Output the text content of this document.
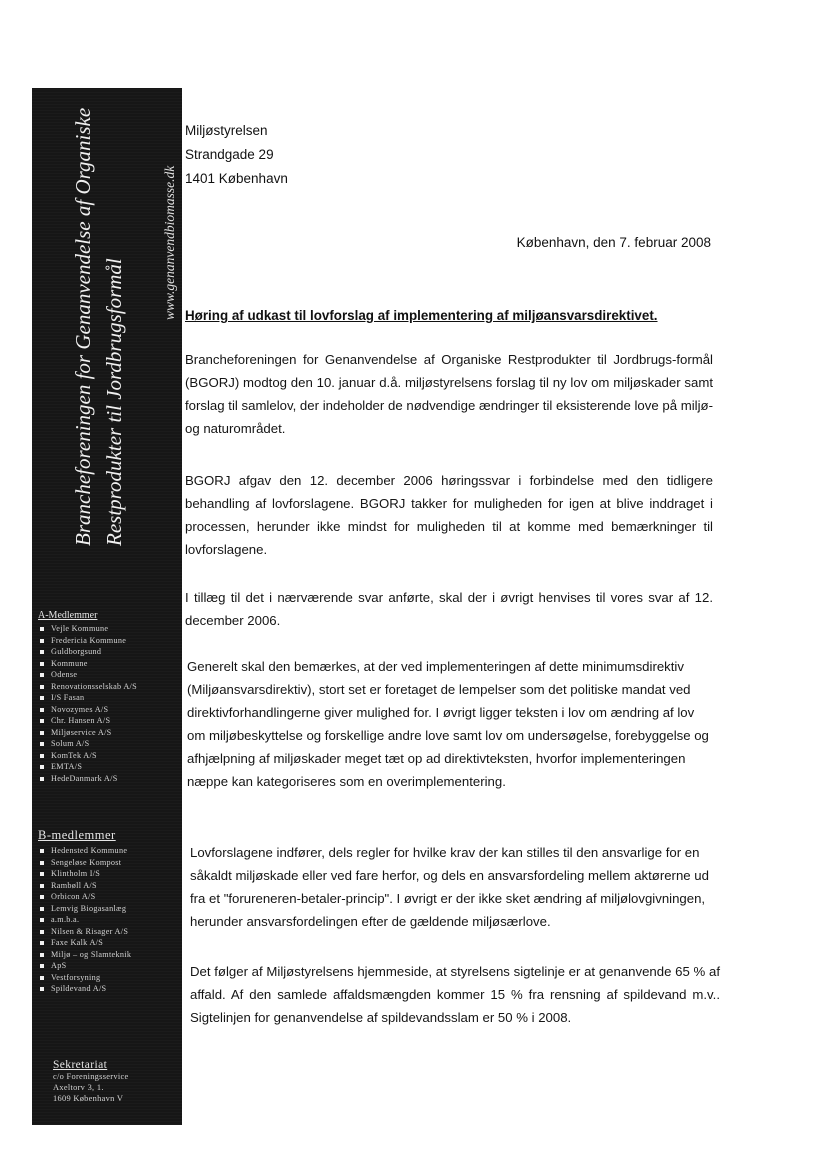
Brancheforeningen for Genanvendelse af Organiske Restprodukter til Jordbrugsformål
www.genanvendbiomasse.dk
A-Medlemmer
Vejle Kommune
Fredericia Kommune
Guldborgsund
Kommune
Odense
Renovationsselskab A/S
I/S Fasan
Novozymes A/S
Chr. Hansen A/S
Miljøservice A/S
Solum A/S
KomTek A/S
EMTA/S
HedeDanmark A/S
B-medlemmer
Hedensted Kommune
Sengeløse Kompost
Klintholm I/S
Rambøll A/S
Orbicon A/S
Lemvig Biogasanlæg
a.m.b.a.
Nilsen & Risager A/S
Faxe Kalk A/S
Miljø – og Slamteknik
ApS
Vestforsyning
Spildevand A/S
Sekretariat
c/o Foreningsservice
Axeltorv 3, 1.
1609 København V
Miljøstyrelsen
Strandgade 29
1401 København
København, den 7. februar 2008
Høring af udkast til lovforslag af implementering af miljøansvarsdirektivet.

Brancheforeningen for Genanvendelse af Organiske Restprodukter til Jordbrugs-formål (BGORJ) modtog den 10. januar d.å. miljøstyrelsens forslag til ny lov om miljøskader samt forslag til samlelov, der indeholder de nødvendige ændringer til eksisterende love på miljø- og naturområdet.

BGORJ afgav den 12. december 2006 høringssvar i forbindelse med den tidligere behandling af lovforslagene. BGORJ takker for muligheden for igen at blive inddraget i processen, herunder ikke mindst for muligheden til at komme med bemærkninger til lovforslagene.

I tillæg til det i nærværende svar anførte, skal der i øvrigt henvises til vores svar af 12. december 2006.

Generelt skal den bemærkes, at der ved implementeringen af dette minimumsdirektiv (Miljøansvarsdirektiv), stort set er foretaget de lempelser som det politiske mandat ved direktivforhandlingerne giver mulighed for. I øvrigt ligger teksten i lov om ændring af lov om miljøbeskyttelse og forskellige andre love samt lov om undersøgelse, forebyggelse og afhjælpning af miljøskader meget tæt op ad direktivteksten, hvorfor implementeringen næppe kan kategoriseres som en overimplementering.

Lovforslagene indfører, dels regler for hvilke krav der kan stilles til den ansvarlige for en såkaldt miljøskade eller ved fare herfor, og dels en ansvarsfordeling mellem aktørerne ud fra et "forureneren-betaler-princip". I øvrigt er der ikke sket ændring af miljølovgivningen, herunder ansvarsfordelingen efter de gældende miljøsærlove.

Det følger af Miljøstyrelsens hjemmeside, at styrelsens sigtelinje er at genanvende 65 % af affald. Af den samlede affaldsmængden kommer 15 % fra rensning af spildevand m.v.. Sigtelinjen for genanvendelse af spildevandsslam er 50 % i 2008.
